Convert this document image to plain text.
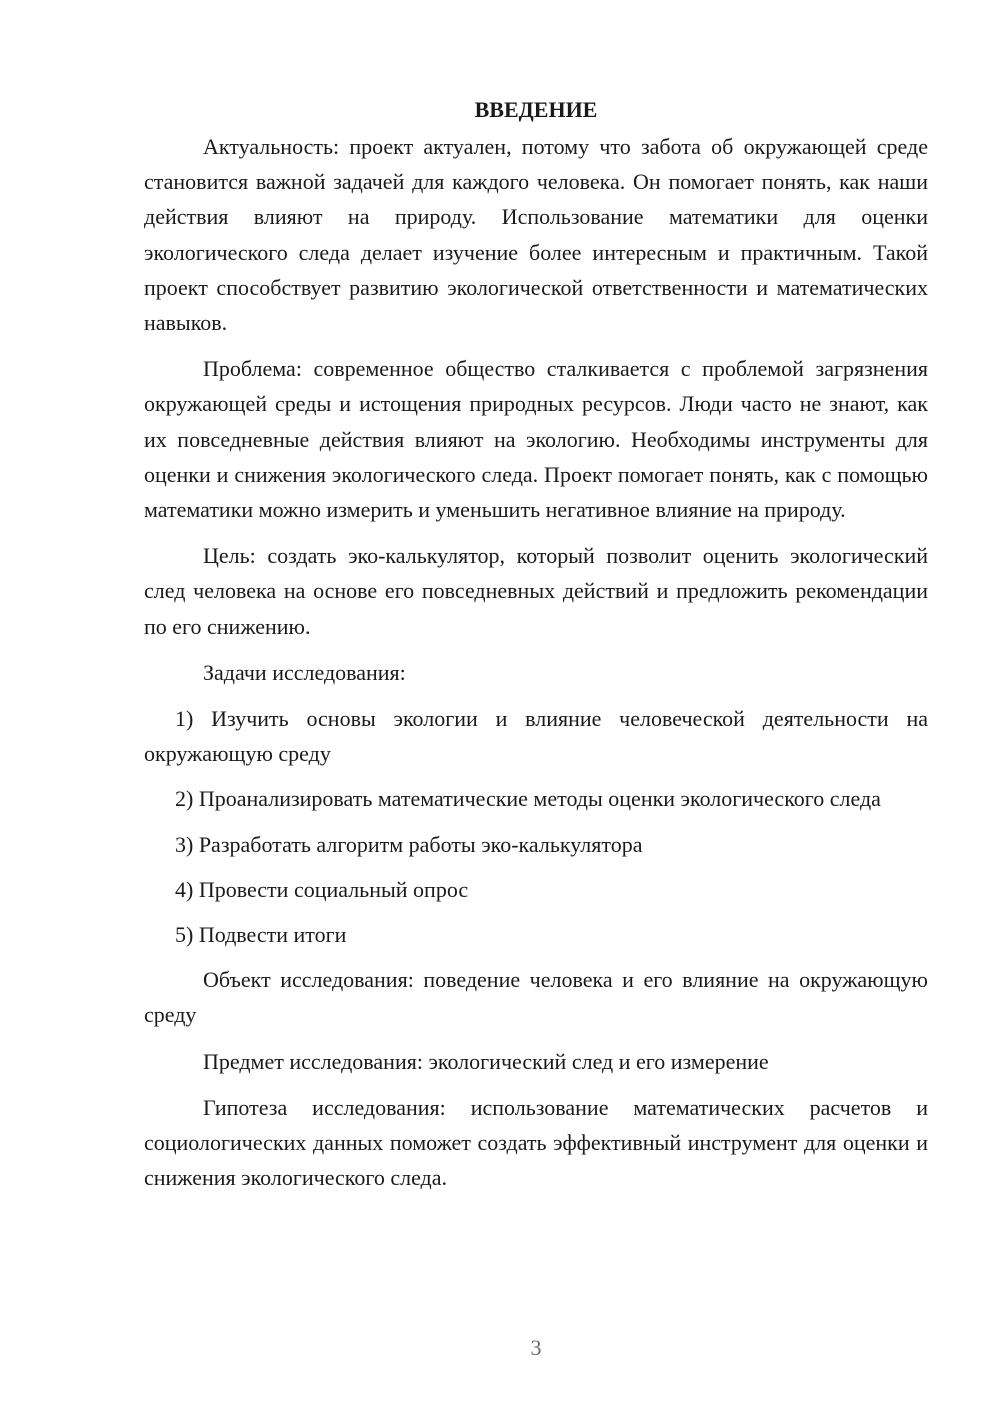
ВВЕДЕНИЕ

Актуальность: проект актуален, потому что забота об окружающей среде становится важной задачей для каждого человека. Он помогает понять, как наши действия влияют на природу. Использование математики для оценки экологического следа делает изучение более интересным и практичным. Такой проект способствует развитию экологической ответственности и математических навыков.

Проблема: современное общество сталкивается с проблемой загрязнения окружающей среды и истощения природных ресурсов. Люди часто не знают, как их повседневные действия влияют на экологию. Необходимы инструменты для оценки и снижения экологического следа. Проект помогает понять, как с помощью математики можно измерить и уменьшить негативное влияние на природу.

Цель: создать эко-калькулятор, который позволит оценить экологический след человека на основе его повседневных действий и предложить рекомендации по его снижению.

Задачи исследования:

1) Изучить основы экологии и влияние человеческой деятельности на окружающую среду

2) Проанализировать математические методы оценки экологического следа

3) Разработать алгоритм работы эко-калькулятора

4) Провести социальный опрос

5) Подвести итоги

Объект исследования: поведение человека и его влияние на окружающую среду

Предмет исследования: экологический след и его измерение

Гипотеза исследования: использование математических расчетов и социологических данных поможет создать эффективный инструмент для оценки и снижения экологического следа.

3
